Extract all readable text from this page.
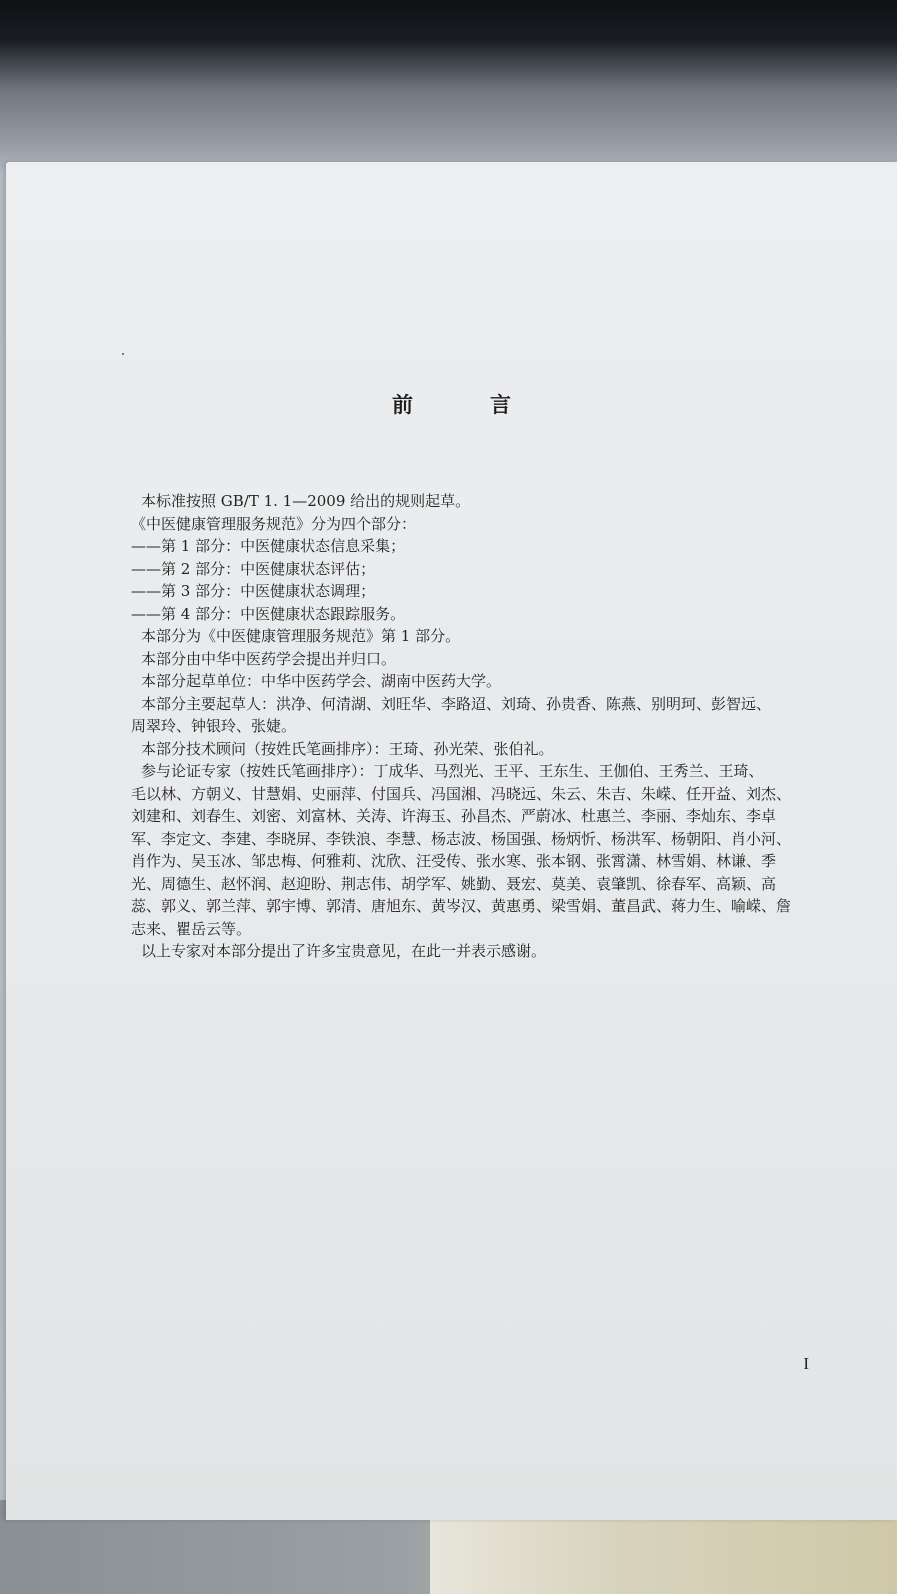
前　言
本标准按照 GB/T 1. 1—2009 给出的规则起草。
《中医健康管理服务规范》分为四个部分：
——第 1 部分：中医健康状态信息采集；
——第 2 部分：中医健康状态评估；
——第 3 部分：中医健康状态调理；
——第 4 部分：中医健康状态跟踪服务。
本部分为《中医健康管理服务规范》第 1 部分。
本部分由中华中医药学会提出并归口。
本部分起草单位：中华中医药学会、湖南中医药大学。
本部分主要起草人：洪净、何清湖、刘旺华、李路迢、刘琦、孙贵香、陈燕、别明珂、彭智远、
周翠玲、钟银玲、张婕。
本部分技术顾问（按姓氏笔画排序）：王琦、孙光荣、张伯礼。
参与论证专家（按姓氏笔画排序）：丁成华、马烈光、王平、王东生、王伽伯、王秀兰、王琦、
毛以林、方朝义、甘慧娟、史丽萍、付国兵、冯国湘、冯晓远、朱云、朱吉、朱嵘、任开益、刘杰、
刘建和、刘春生、刘密、刘富林、关涛、许海玉、孙昌杰、严蔚冰、杜惠兰、李丽、李灿东、李卓
军、李定文、李建、李晓屏、李铁浪、李慧、杨志波、杨国强、杨炳忻、杨洪军、杨朝阳、肖小河、
肖作为、吴玉冰、邹忠梅、何雅莉、沈欣、汪受传、张水寒、张本钢、张霄潇、林雪娟、林谦、季
光、周德生、赵怀润、赵迎盼、荆志伟、胡学军、姚勤、聂宏、莫美、袁肇凯、徐春军、高颖、高
蕊、郭义、郭兰萍、郭宇博、郭清、唐旭东、黄岑汉、黄惠勇、梁雪娟、董昌武、蒋力生、喻嵘、詹
志来、瞿岳云等。
以上专家对本部分提出了许多宝贵意见，在此一并表示感谢。
I
